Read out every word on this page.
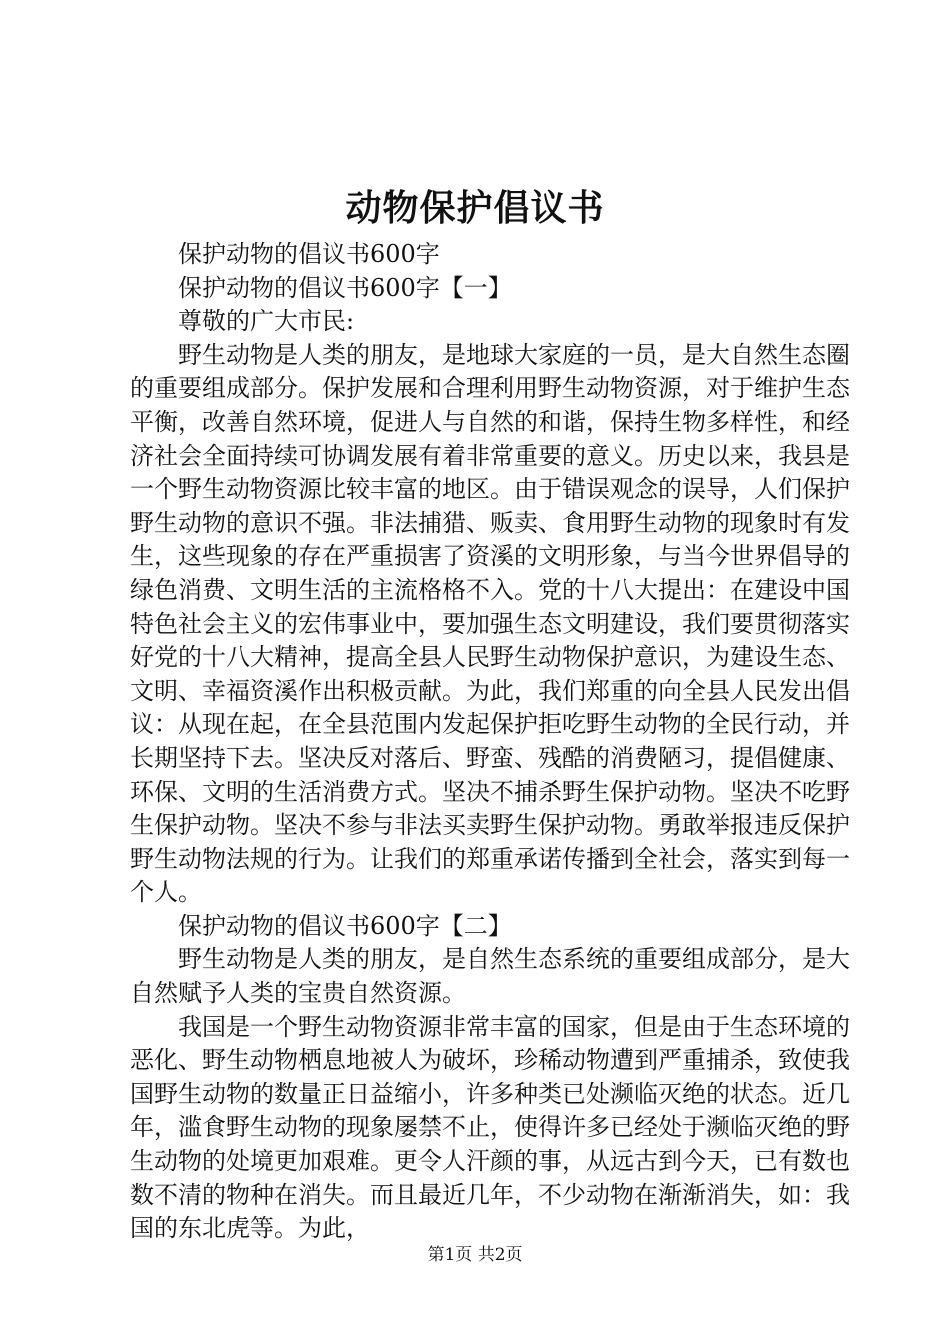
动物保护倡议书

保护动物的倡议书600字

保护动物的倡议书600字【一】

尊敬的广大市民:

野生动物是人类的朋友，是地球大家庭的一员，是大自然生态圈的重要组成部分。保护发展和合理利用野生动物资源，对于维护生态平衡，改善自然环境，促进人与自然的和谐，保持生物多样性，和经济社会全面持续可协调发展有着非常重要的意义。历史以来，我县是一个野生动物资源比较丰富的地区。由于错误观念的误导，人们保护野生动物的意识不强。非法捕猎、贩卖、食用野生动物的现象时有发生，这些现象的存在严重损害了资溪的文明形象，与当今世界倡导的绿色消费、文明生活的主流格格不入。党的十八大提出：在建设中国特色社会主义的宏伟事业中，要加强生态文明建设，我们要贯彻落实好党的十八大精神，提高全县人民野生动物保护意识，为建设生态、文明、幸福资溪作出积极贡献。为此，我们郑重的向全县人民发出倡议：从现在起，在全县范围内发起保护拒吃野生动物的全民行动，并长期坚持下去。坚决反对落后、野蛮、残酷的消费陋习，提倡健康、环保、文明的生活消费方式。坚决不捕杀野生保护动物。坚决不吃野生保护动物。坚决不参与非法买卖野生保护动物。勇敢举报违反保护野生动物法规的行为。让我们的郑重承诺传播到全社会，落实到每一个人。

保护动物的倡议书600字【二】

野生动物是人类的朋友，是自然生态系统的重要组成部分，是大自然赋予人类的宝贵自然资源。

我国是一个野生动物资源非常丰富的国家，但是由于生态环境的恶化、野生动物栖息地被人为破坏，珍稀动物遭到严重捕杀，致使我国野生动物的数量正日益缩小，许多种类已处濒临灭绝的状态。近几年，滥食野生动物的现象屡禁不止，使得许多已经处于濒临灭绝的野生动物的处境更加艰难。更令人汗颜的事，从远古到今天，已有数也数不清的物种在消失。而且最近几年，不少动物在渐渐消失，如：我国的东北虎等。为此，

第1页 共2页
